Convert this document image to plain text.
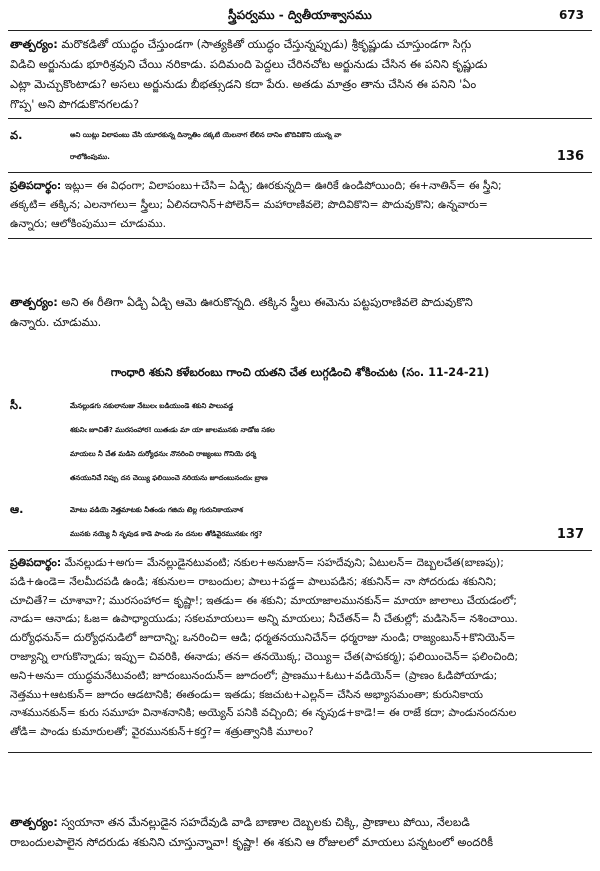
స్త్రీపర్వము - ద్వితీయాశ్వాసము	673
తాత్పర్యం: మరొకడితో యుద్ధం చేస్తుండగా (సాత్యకితో యుద్ధం చేస్తున్నప్పుడు) శ్రీకృష్ణుడు చూస్తుండగా సిగ్గు
విడిచి అర్జునుడు భూరిశ్రవుని చేయి నరికాడు. పదిమంది పెద్దలు చేరినచోట అర్జునుడు చేసిన ఈ పనిని కృష్ణుడు
ఎట్లా మెచ్చుకొంటాడు? అసలు అర్జునుడు బీభత్సుడని కదా పేరు. అతడు మాత్రం తాను చేసిన ఈ పనిని 'ఏం
గొప్ప' అని పొగడుకొనగలడు?
వ.	అని యిట్లు విలాపంబు చేసి యూరకున్న దిన్నాతిం దక్కటి యెలనాగ లేలిన దానిం బొదివికొని యున్న వా
రాలోకింపుము.	136
ప్రతిపదార్థం: ఇట్లు= ఈ విధంగా; విలాపంబు+చేసి= ఏడ్చి; ఊరకున్నది= ఊరికే ఉండిపోయింది; ఈ+నాతిన్= ఈ స్త్రీని;
తక్కటి= తక్కిన; ఎలనాగలు= స్త్రీలు; ఏలినదానిన్+పోలెన్= మహారాణివలె; పొదివికొని= పొదువుకొని; ఉన్నవారు=
ఉన్నారు; ఆలోకింపుము= చూడుము.
తాత్పర్యం: అని ఈ రీతిగా ఏడ్చి ఏడ్చి ఆమె ఊరుకొన్నది. తక్కిన స్త్రీలు ఈమెను పట్టపురాణివలె పొదువుకొని
ఉన్నారు. చూడుము.
గాంధారి శకుని కళేబరంబు గాంచి యతని చేత లుగ్గడించి శోకించుట (సం. 11-24-21)
సీ.	మేనల్లుడగు నకులానుజు నేటులఁ బడియుండె శకుని పాలువడ్డ
శకునిఁ జూచితే? మురసంహార! యితఁడు మా యా జాలమునకు నాడోజ సకల
మాయలు నీ చేత మడిసె దుర్యోధనుఁ నొనరించి రాజ్యంబు గొనియె ధర్మ
తనయునిచే నిప్పు దన చెయ్యి ఫలియించె నరియను జూదంబునందుఁ బ్రాణ
ఆ.	మోటు వడియె నెత్తమాటకు నీతండు గజిచు టెల్ల గురునికాయనాశ
మునకు నయ్యె నీ నృపుడ కాడె పాండు నం దనుల తోడివైరమునకుఁ గర్త?	137
ప్రతిపదార్థం: మేనల్లుడు+అగు= మేనల్లుడైనటువంటి; నకుల+అనుజున్= సహదేవుని; ఏటులన్= దెబ్బలచేత(బాణపు);
పడి+ఉండె= నేలమీదపడి ఉండి; శకునుల= రాబందుల; పాలు+పడ్డ= పాలుపడిన; శకునిన్= నా సోదరుడు శకునిని;
చూచితే?= చూశావా?; మురసంహార= కృష్ణా!; ఇతడు= ఈ శకుని; మాయాజాలమునకున్= మాయా జాలాలు చేయడంలో;
నాడు= ఆనాడు; ఓజ= ఉపాధ్యాయుడు; సకలమాయలు= అన్ని మాయలు; నీచేతన్= నీ చేతుల్లో; మడిసెన్= నశించాయి.
దుర్యోధనున్= దుర్యోధనుడిలో జూదాన్ని; ఒనరించి= ఆడి; ధర్మతనయునిచేన్= ధర్మరాజు నుండి; రాజ్యంబున్+కొనియెన్=
రాజ్యాన్ని లాగుకొన్నాడు; ఇప్పు= చివరికి, ఈనాడు; తన= తనయొక్క; చెయ్యి= చేత(పాపకర్మ); ఫలియించెన్= ఫలించింది;
అని+అను= యుద్ధమనేటువంటి; జూదంబునందున్= జూదంలో; ప్రాణము+ఓటు+వడియెన్= (ప్రాణం ఓడిపోయాడు;
నెత్తము+ఆటకున్= జూదం ఆడటానికి; ఈతండు= ఇతడు; కజచుట+ఎల్లన్= చేసిన అభ్యాసమంతా; కురునికాయ
నాశమునకున్= కురు సమూహ వినాశనానికి; అయ్యెన్ పనికి వచ్చింది; ఈ నృపుడ+కాడె!= ఈ రాజే కదా; పాండునందనుల
తోడి= పాండు కుమారులతో; వైరమునకున్+కర్త?= శత్రుత్వానికి మూలం?
తాత్పర్యం: స్వయానా తన మేనల్లుడైన సహదేవుడి వాడి బాణాల దెబ్బలకు చిక్కి, ప్రాణాలు పోయి, నేలబడి
రాబందులపాలైన సోదరుడు శకునిని చూస్తున్నావా! కృష్ణా! ఈ శకుని ఆ రోజులలో మాయలు పన్నటంలో అందరికీ
